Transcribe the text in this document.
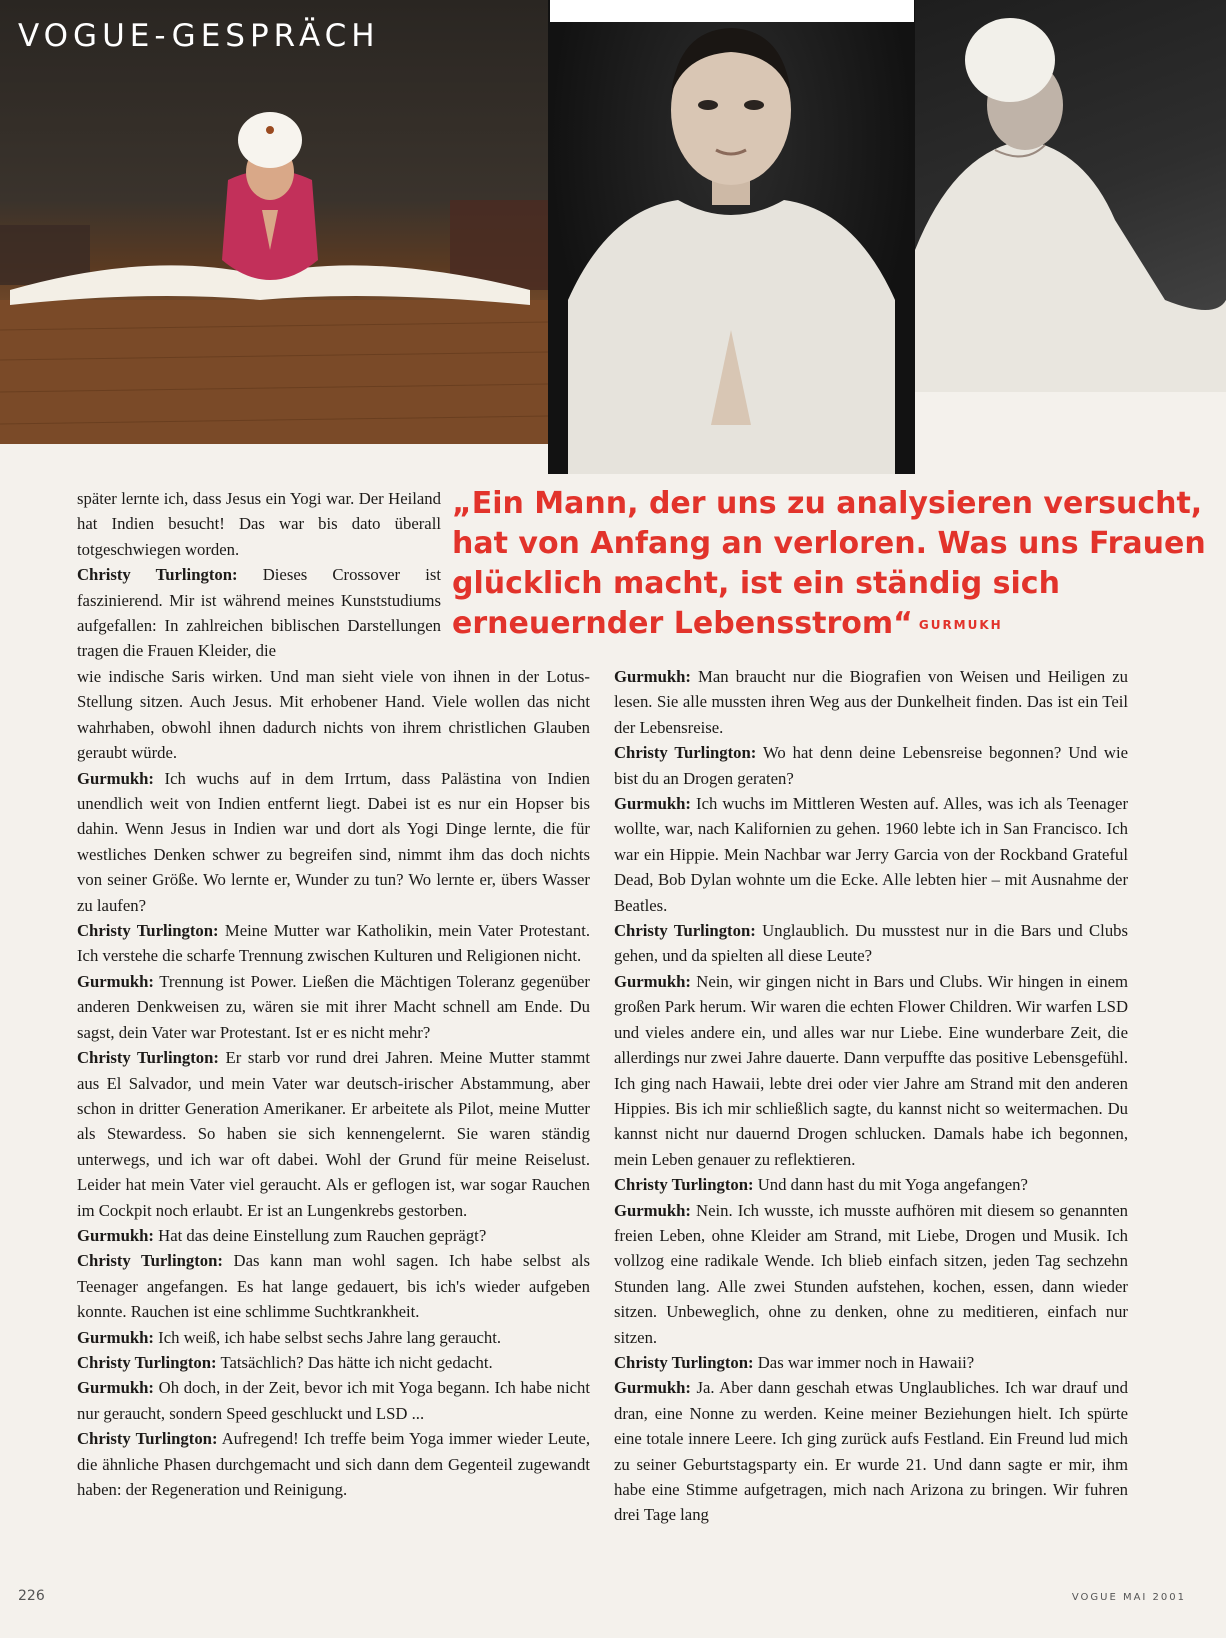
VOGUE-GESPRÄCH
„Ein Mann, der uns zu analysieren versucht, hat von Anfang an verloren. Was uns Frauen glücklich macht, ist ein ständig sich erneuernder Lebensstrom“ GURMUKH

später lernte ich, dass Jesus ein Yogi war. Der Heiland hat Indien besucht! Das war bis dato überall totgeschwiegen worden.

Christy Turlington: Dieses Crossover ist faszinierend. Mir ist während meines Kunststudiums aufgefallen: In zahlreichen biblischen Darstellungen tragen die Frauen Kleider, die

wie indische Saris wirken. Und man sieht viele von ihnen in der Lotus-Stellung sitzen. Auch Jesus. Mit erhobener Hand. Viele wollen das nicht wahrhaben, obwohl ihnen dadurch nichts von ihrem christlichen Glauben geraubt würde.

Gurmukh: Ich wuchs auf in dem Irrtum, dass Palästina von Indien unendlich weit von Indien entfernt liegt. Dabei ist es nur ein Hopser bis dahin. Wenn Jesus in Indien war und dort als Yogi Dinge lernte, die für westliches Denken schwer zu begreifen sind, nimmt ihm das doch nichts von seiner Größe. Wo lernte er, Wunder zu tun? Wo lernte er, übers Wasser zu laufen?

Christy Turlington: Meine Mutter war Katholikin, mein Vater Protestant. Ich verstehe die scharfe Trennung zwischen Kulturen und Religionen nicht.

Gurmukh: Trennung ist Power. Ließen die Mächtigen Toleranz gegenüber anderen Denkweisen zu, wären sie mit ihrer Macht schnell am Ende. Du sagst, dein Vater war Protestant. Ist er es nicht mehr?

Christy Turlington: Er starb vor rund drei Jahren. Meine Mutter stammt aus El Salvador, und mein Vater war deutsch-irischer Abstammung, aber schon in dritter Generation Amerikaner. Er arbeitete als Pilot, meine Mutter als Stewardess. So haben sie sich kennengelernt. Sie waren ständig unterwegs, und ich war oft dabei. Wohl der Grund für meine Reiselust. Leider hat mein Vater viel geraucht. Als er geflogen ist, war sogar Rauchen im Cockpit noch erlaubt. Er ist an Lungenkrebs gestorben.

Gurmukh: Hat das deine Einstellung zum Rauchen geprägt?

Christy Turlington: Das kann man wohl sagen. Ich habe selbst als Teenager angefangen. Es hat lange gedauert, bis ich's wieder aufgeben konnte. Rauchen ist eine schlimme Suchtkrankheit.

Gurmukh: Ich weiß, ich habe selbst sechs Jahre lang geraucht.

Christy Turlington: Tatsächlich? Das hätte ich nicht gedacht.

Gurmukh: Oh doch, in der Zeit, bevor ich mit Yoga begann. Ich habe nicht nur geraucht, sondern Speed geschluckt und LSD ...

Christy Turlington: Aufregend! Ich treffe beim Yoga immer wieder Leute, die ähnliche Phasen durchgemacht und sich dann dem Gegenteil zugewandt haben: der Regeneration und Reinigung.

Gurmukh: Man braucht nur die Biografien von Weisen und Heiligen zu lesen. Sie alle mussten ihren Weg aus der Dunkelheit finden. Das ist ein Teil der Lebensreise.

Christy Turlington: Wo hat denn deine Lebensreise begonnen? Und wie bist du an Drogen geraten?

Gurmukh: Ich wuchs im Mittleren Westen auf. Alles, was ich als Teenager wollte, war, nach Kalifornien zu gehen. 1960 lebte ich in San Francisco. Ich war ein Hippie. Mein Nachbar war Jerry Garcia von der Rockband Grateful Dead, Bob Dylan wohnte um die Ecke. Alle lebten hier – mit Ausnahme der Beatles.

Christy Turlington: Unglaublich. Du musstest nur in die Bars und Clubs gehen, und da spielten all diese Leute?

Gurmukh: Nein, wir gingen nicht in Bars und Clubs. Wir hingen in einem großen Park herum. Wir waren die echten Flower Children. Wir warfen LSD und vieles andere ein, und alles war nur Liebe. Eine wunderbare Zeit, die allerdings nur zwei Jahre dauerte. Dann verpuffte das positive Lebensgefühl. Ich ging nach Hawaii, lebte drei oder vier Jahre am Strand mit den anderen Hippies. Bis ich mir schließlich sagte, du kannst nicht so weitermachen. Du kannst nicht nur dauernd Drogen schlucken. Damals habe ich begonnen, mein Leben genauer zu reflektieren.

Christy Turlington: Und dann hast du mit Yoga angefangen?

Gurmukh: Nein. Ich wusste, ich musste aufhören mit diesem so genannten freien Leben, ohne Kleider am Strand, mit Liebe, Drogen und Musik. Ich vollzog eine radikale Wende. Ich blieb einfach sitzen, jeden Tag sechzehn Stunden lang. Alle zwei Stunden aufstehen, kochen, essen, dann wieder sitzen. Unbeweglich, ohne zu denken, ohne zu meditieren, einfach nur sitzen.

Christy Turlington: Das war immer noch in Hawaii?

Gurmukh: Ja. Aber dann geschah etwas Unglaubliches. Ich war drauf und dran, eine Nonne zu werden. Keine meiner Beziehungen hielt. Ich spürte eine totale innere Leere. Ich ging zurück aufs Festland. Ein Freund lud mich zu seiner Geburtstagsparty ein. Er wurde 21. Und dann sagte er mir, ihm habe eine Stimme aufgetragen, mich nach Arizona zu bringen. Wir fuhren drei Tage lang

226	VOGUE MAI 2001
